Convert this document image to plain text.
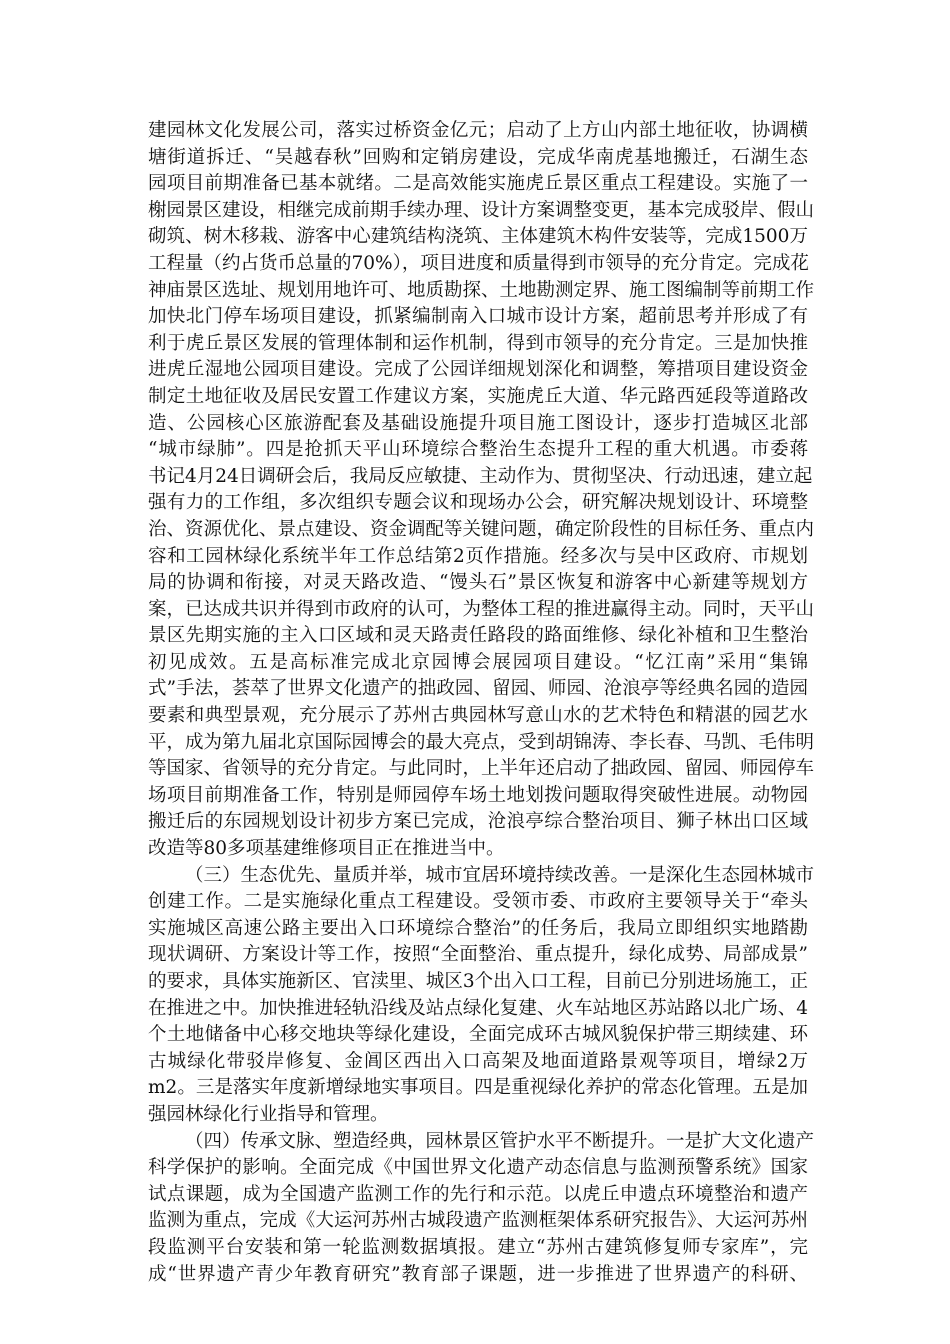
建园林文化发展公司，落实过桥资金亿元；启动了上方山内部土地征收，协调横
塘街道拆迁、“吴越春秋”回购和定销房建设，完成华南虎基地搬迁，石湖生态
园项目前期准备已基本就绪。二是高效能实施虎丘景区重点工程建设。实施了一
榭园景区建设，相继完成前期手续办理、设计方案调整变更，基本完成驳岸、假山
砌筑、树木移栽、游客中心建筑结构浇筑、主体建筑木构件安装等，完成1500万
工程量（约占货币总量的70%），项目进度和质量得到市领导的充分肯定。完成花
神庙景区选址、规划用地许可、地质勘探、土地勘测定界、施工图编制等前期工作
加快北门停车场项目建设，抓紧编制南入口城市设计方案，超前思考并形成了有
利于虎丘景区发展的管理体制和运作机制，得到市领导的充分肯定。三是加快推
进虎丘湿地公园项目建设。完成了公园详细规划深化和调整，筹措项目建设资金
制定土地征收及居民安置工作建议方案，实施虎丘大道、华元路西延段等道路改
造、公园核心区旅游配套及基础设施提升项目施工图设计，逐步打造城区北部
“城市绿肺”。四是抢抓天平山环境综合整治生态提升工程的重大机遇。市委蒋
书记4月24日调研会后，我局反应敏捷、主动作为、贯彻坚决、行动迅速，建立起
强有力的工作组，多次组织专题会议和现场办公会，研究解决规划设计、环境整
治、资源优化、景点建设、资金调配等关键问题，确定阶段性的目标任务、重点内
容和工园林绿化系统半年工作总结第2页作措施。经多次与吴中区政府、市规划
局的协调和衔接，对灵天路改造、“馒头石”景区恢复和游客中心新建等规划方
案，已达成共识并得到市政府的认可，为整体工程的推进赢得主动。同时，天平山
景区先期实施的主入口区域和灵天路责任路段的路面维修、绿化补植和卫生整治
初见成效。五是高标准完成北京园博会展园项目建设。“忆江南”采用“集锦
式”手法，荟萃了世界文化遗产的拙政园、留园、师园、沧浪亭等经典名园的造园
要素和典型景观，充分展示了苏州古典园林写意山水的艺术特色和精湛的园艺水
平，成为第九届北京国际园博会的最大亮点，受到胡锦涛、李长春、马凯、毛伟明
等国家、省领导的充分肯定。与此同时，上半年还启动了拙政园、留园、师园停车
场项目前期准备工作，特别是师园停车场土地划拨问题取得突破性进展。动物园
搬迁后的东园规划设计初步方案已完成，沧浪亭综合整治项目、狮子林出口区域
改造等80多项基建维修项目正在推进当中。
（三）生态优先、量质并举，城市宜居环境持续改善。一是深化生态园林城市
创建工作。二是实施绿化重点工程建设。受领市委、市政府主要领导关于“牵头
实施城区高速公路主要出入口环境综合整治”的任务后，我局立即组织实地踏勘
现状调研、方案设计等工作，按照“全面整治、重点提升，绿化成势、局部成景”
的要求，具体实施新区、官渎里、城区3个出入口工程，目前已分别进场施工，正
在推进之中。加快推进轻轨沿线及站点绿化复建、火车站地区苏站路以北广场、4
个土地储备中心移交地块等绿化建设，全面完成环古城风貌保护带三期续建、环
古城绿化带驳岸修复、金阊区西出入口高架及地面道路景观等项目，增绿2万
m2。三是落实年度新增绿地实事项目。四是重视绿化养护的常态化管理。五是加
强园林绿化行业指导和管理。
（四）传承文脉、塑造经典，园林景区管护水平不断提升。一是扩大文化遗产
科学保护的影响。全面完成《中国世界文化遗产动态信息与监测预警系统》国家
试点课题，成为全国遗产监测工作的先行和示范。以虎丘申遗点环境整治和遗产
监测为重点，完成《大运河苏州古城段遗产监测框架体系研究报告》、大运河苏州
段监测平台安装和第一轮监测数据填报。建立“苏州古建筑修复师专家库”，完
成“世界遗产青少年教育研究”教育部子课题，进一步推进了世界遗产的科研、
